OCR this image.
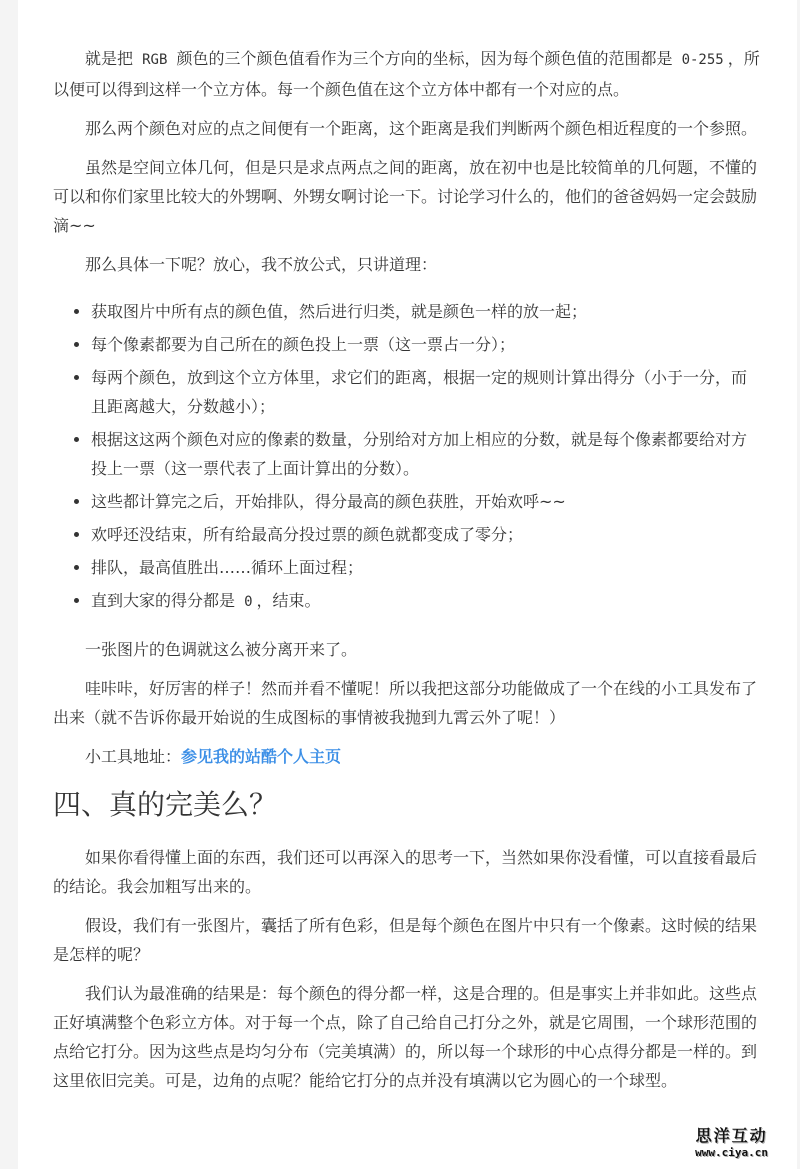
就是把 RGB 颜色的三个颜色值看作为三个方向的坐标，因为每个颜色值的范围都是 0-255 ，所以便可以得到这样一个立方体。每一个颜色值在这个立方体中都有一个对应的点。

那么两个颜色对应的点之间便有一个距离，这个距离是我们判断两个颜色相近程度的一个参照。

虽然是空间立体几何，但是只是求点两点之间的距离，放在初中也是比较简单的几何题，不懂的可以和你们家里比较大的外甥啊、外甥女啊讨论一下。讨论学习什么的，他们的爸爸妈妈一定会鼓励滴~~

那么具体一下呢？放心，我不放公式，只讲道理：

• 获取图片中所有点的颜色值，然后进行归类，就是颜色一样的放一起；
• 每个像素都要为自己所在的颜色投上一票（这一票占一分）；
• 每两个颜色，放到这个立方体里，求它们的距离，根据一定的规则计算出得分（小于一分，而且距离越大，分数越小）；
• 根据这这两个颜色对应的像素的数量，分别给对方加上相应的分数，就是每个像素都要给对方投上一票（这一票代表了上面计算出的分数）。
• 这些都计算完之后，开始排队，得分最高的颜色获胜，开始欢呼~~
• 欢呼还没结束，所有给最高分投过票的颜色就都变成了零分；
• 排队，最高值胜出……循环上面过程；
• 直到大家的得分都是 0 ，结束。

一张图片的色调就这么被分离开来了。

哇咔咔，好厉害的样子！然而并看不懂呢！所以我把这部分功能做成了一个在线的小工具发布了出来（就不告诉你最开始说的生成图标的事情被我抛到九霄云外了呢！）

小工具地址：参见我的站酷个人主页

四、真的完美么？

如果你看得懂上面的东西，我们还可以再深入的思考一下，当然如果你没看懂，可以直接看最后的结论。我会加粗写出来的。

假设，我们有一张图片，囊括了所有色彩，但是每个颜色在图片中只有一个像素。这时候的结果是怎样的呢？

我们认为最准确的结果是：每个颜色的得分都一样，这是合理的。但是事实上并非如此。这些点正好填满整个色彩立方体。对于每一个点，除了自己给自己打分之外，就是它周围，一个球形范围的点给它打分。因为这些点是均匀分布（完美填满）的，所以每一个球形的中心点得分都是一样的。到这里依旧完美。可是，边角的点呢？能给它打分的点并没有填满以它为圆心的一个球型。

思洋互动
www.ciya.cn
